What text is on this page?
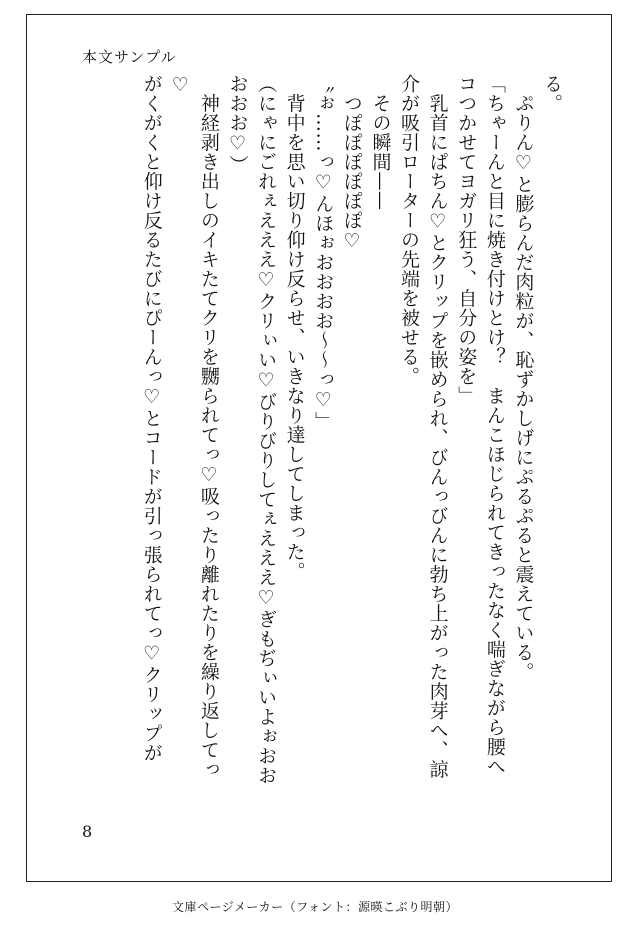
本文サンプル
る。
　ぷりん♡と膨らんだ肉粒が、恥ずかしげにぷるぷると震えている。
「ちゃーんと目に焼き付けとけ？　まんこほじられてきったなく喘ぎながら腰へ
コつかせてヨガリ狂う、自分の姿を」
　乳首にぱちん♡とクリップを嵌められ、びんっびんに勃ち上がった肉芽へ、諒
介が吸引ローターの先端を被せる。
　その瞬間——
　つぽぽぽぽぽぽ♡
〝ぉ……っ♡んほぉおおおお〜〜っ♡」
　背中を思い切り仰け反らせ、いきなり達してしまった。
（にゃにごれぇえええ♡クリぃい♡びりびりしてぇえええ♡ぎもぢぃいよぉおお
おおお♡）
　神経剥き出しのイキたてクリを嬲られてっ♡吸ったり離れたりを繰り返してっ
♡
がくがくと仰け反るたびにぴーんっ♡とコードが引っ張られてっ♡クリップが
8
文庫ページメーカー（フォント：源暎こぶり明朝）
